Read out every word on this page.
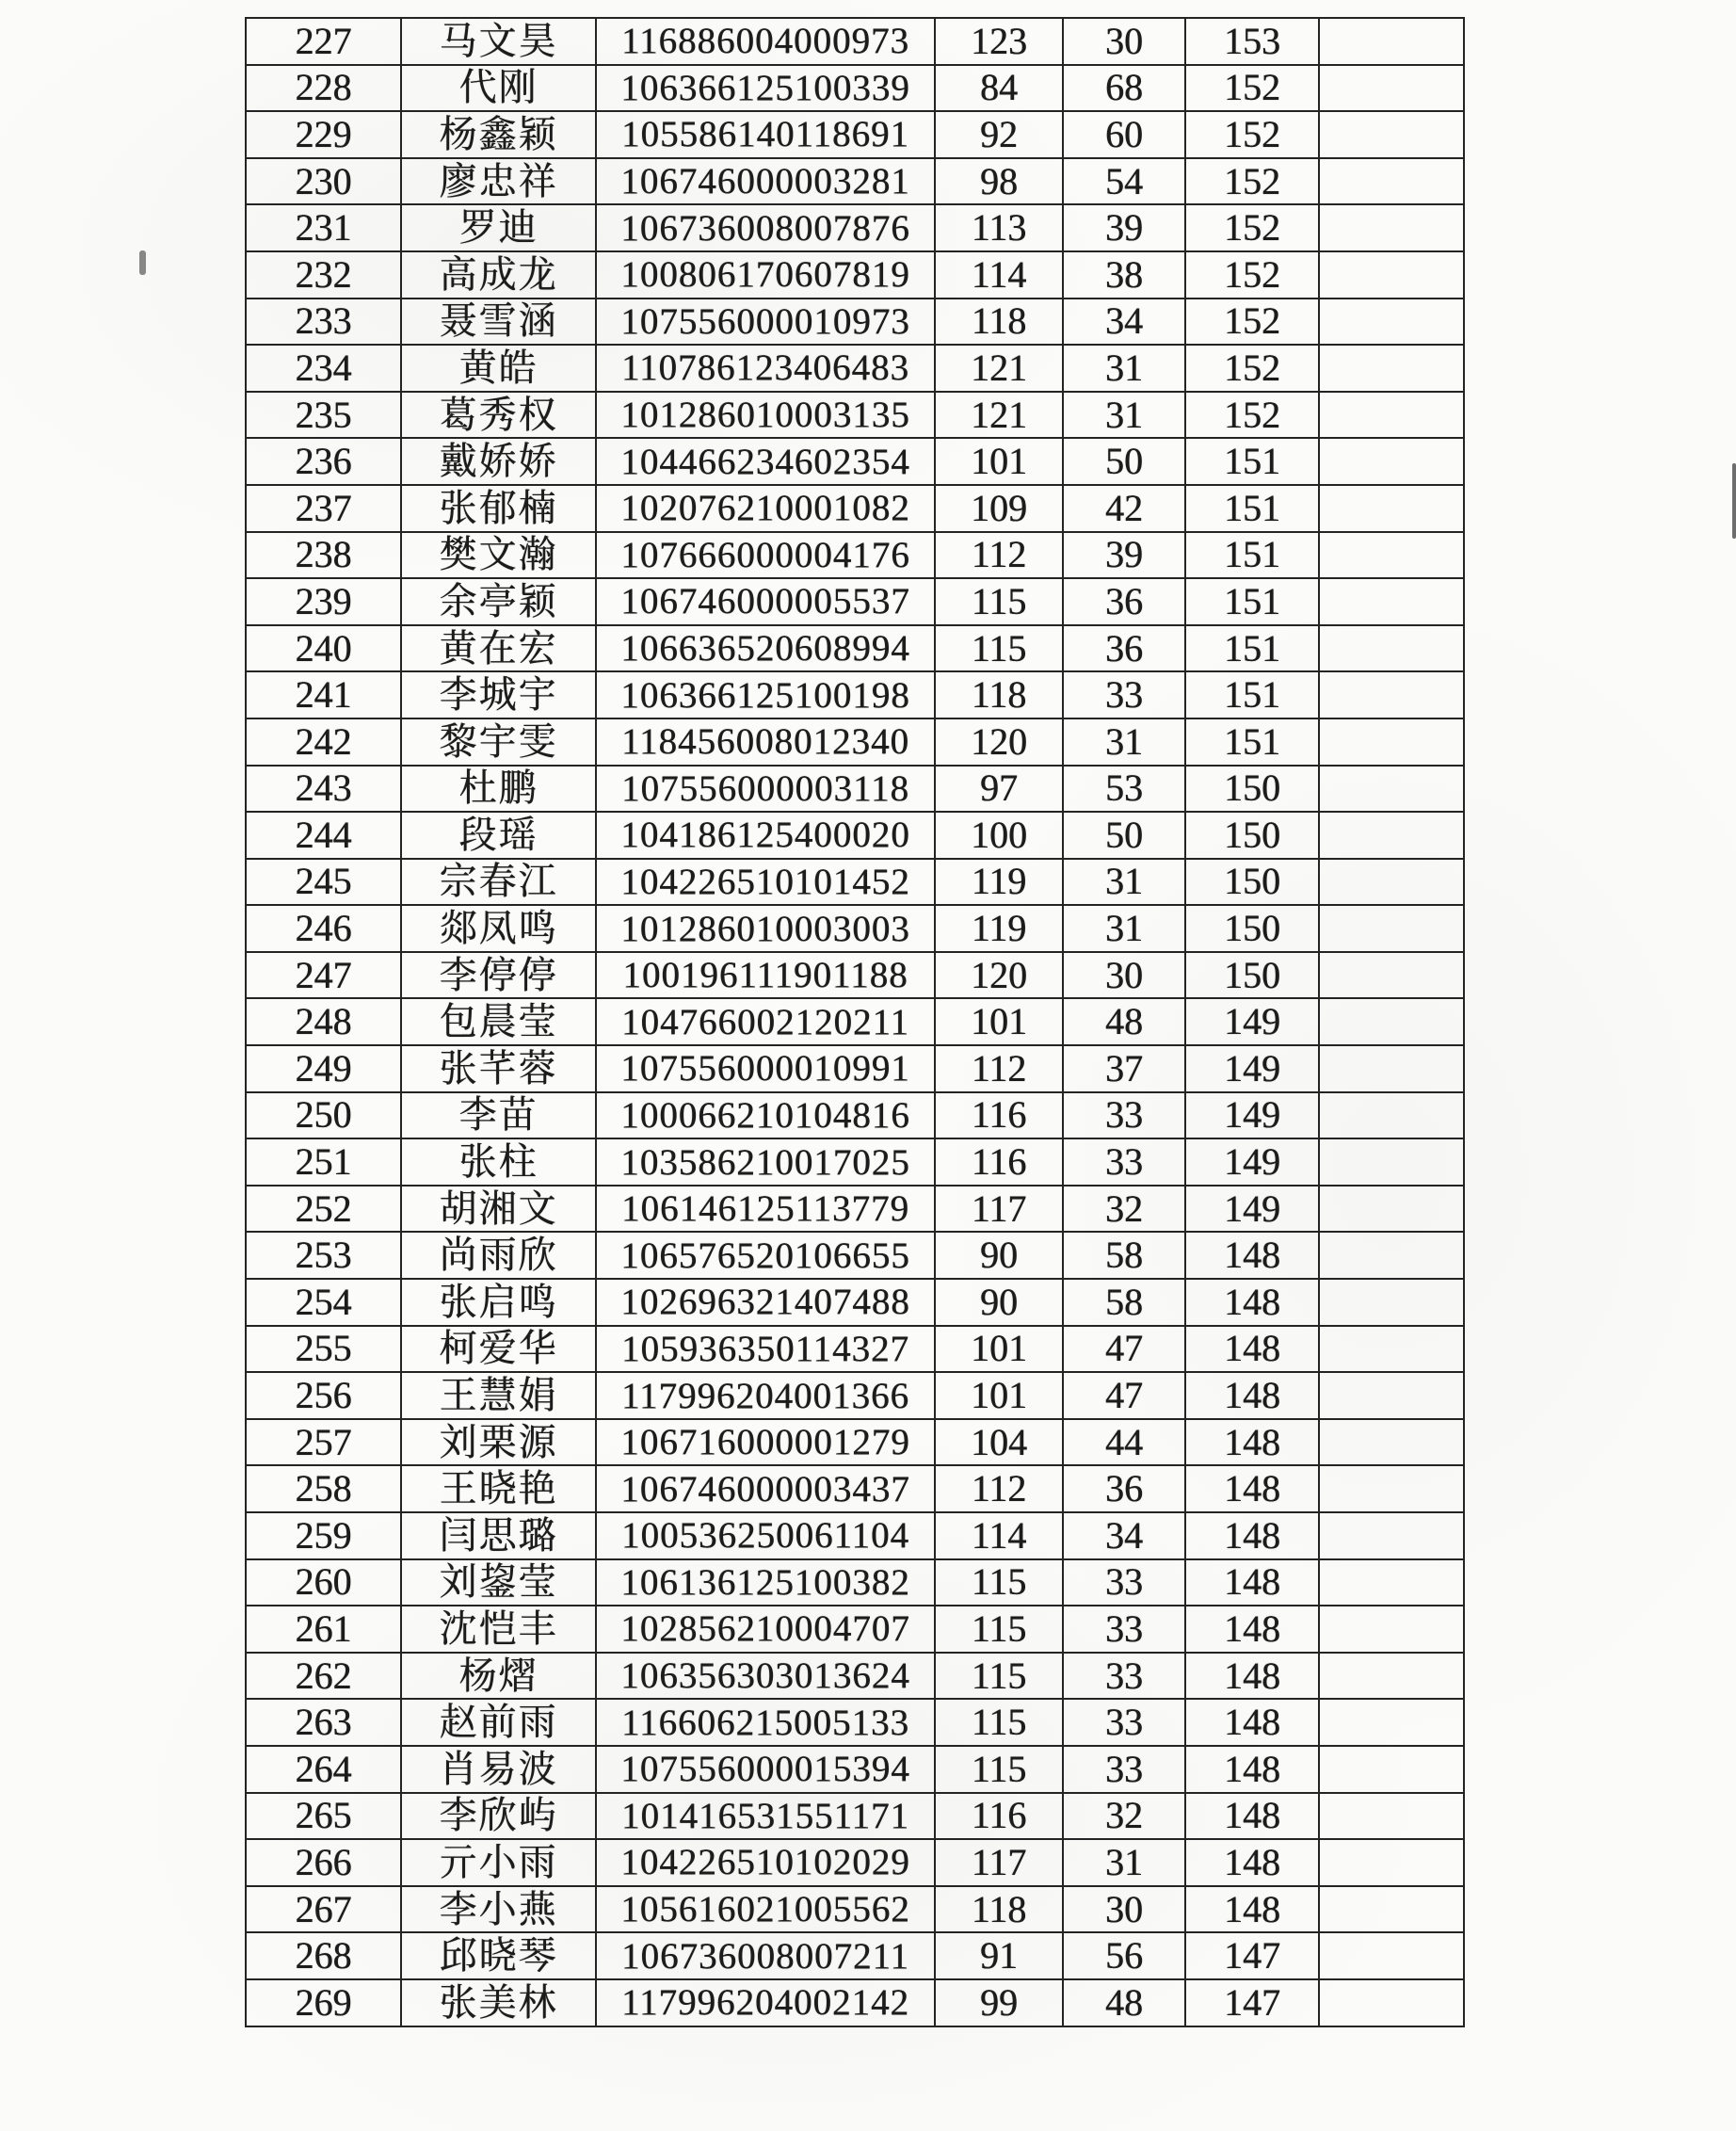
227	马文昊	116886004000973	123	30	153	
228	代刚	106366125100339	84	68	152	
229	杨鑫颖	105586140118691	92	60	152	
230	廖忠祥	106746000003281	98	54	152	
231	罗迪	106736008007876	113	39	152	
232	高成龙	100806170607819	114	38	152	
233	聂雪涵	107556000010973	118	34	152	
234	黄皓	110786123406483	121	31	152	
235	葛秀权	101286010003135	121	31	152	
236	戴娇娇	104466234602354	101	50	151	
237	张郁楠	102076210001082	109	42	151	
238	樊文瀚	107666000004176	112	39	151	
239	余亭颖	106746000005537	115	36	151	
240	黄在宏	106636520608994	115	36	151	
241	李城宇	106366125100198	118	33	151	
242	黎宇雯	118456008012340	120	31	151	
243	杜鹏	107556000003118	97	53	150	
244	段瑶	104186125400020	100	50	150	
245	宗春江	104226510101452	119	31	150	
246	郯凤鸣	101286010003003	119	31	150	
247	李停停	100196111901188	120	30	150	
248	包晨莹	104766002120211	101	48	149	
249	张芊蓉	107556000010991	112	37	149	
250	李苗	100066210104816	116	33	149	
251	张柱	103586210017025	116	33	149	
252	胡湘文	106146125113779	117	32	149	
253	尚雨欣	106576520106655	90	58	148	
254	张启鸣	102696321407488	90	58	148	
255	柯爱华	105936350114327	101	47	148	
256	王慧娟	117996204001366	101	47	148	
257	刘栗源	106716000001279	104	44	148	
258	王晓艳	106746000003437	112	36	148	
259	闫思璐	100536250061104	114	34	148	
260	刘鋆莹	106136125100382	115	33	148	
261	沈恺丰	102856210004707	115	33	148	
262	杨熠	106356303013624	115	33	148	
263	赵前雨	116606215005133	115	33	148	
264	肖易波	107556000015394	115	33	148	
265	李欣屿	101416531551171	116	32	148	
266	亓小雨	104226510102029	117	31	148	
267	李小燕	105616021005562	118	30	148	
268	邱晓琴	106736008007211	91	56	147	
269	张美林	117996204002142	99	48	147	
